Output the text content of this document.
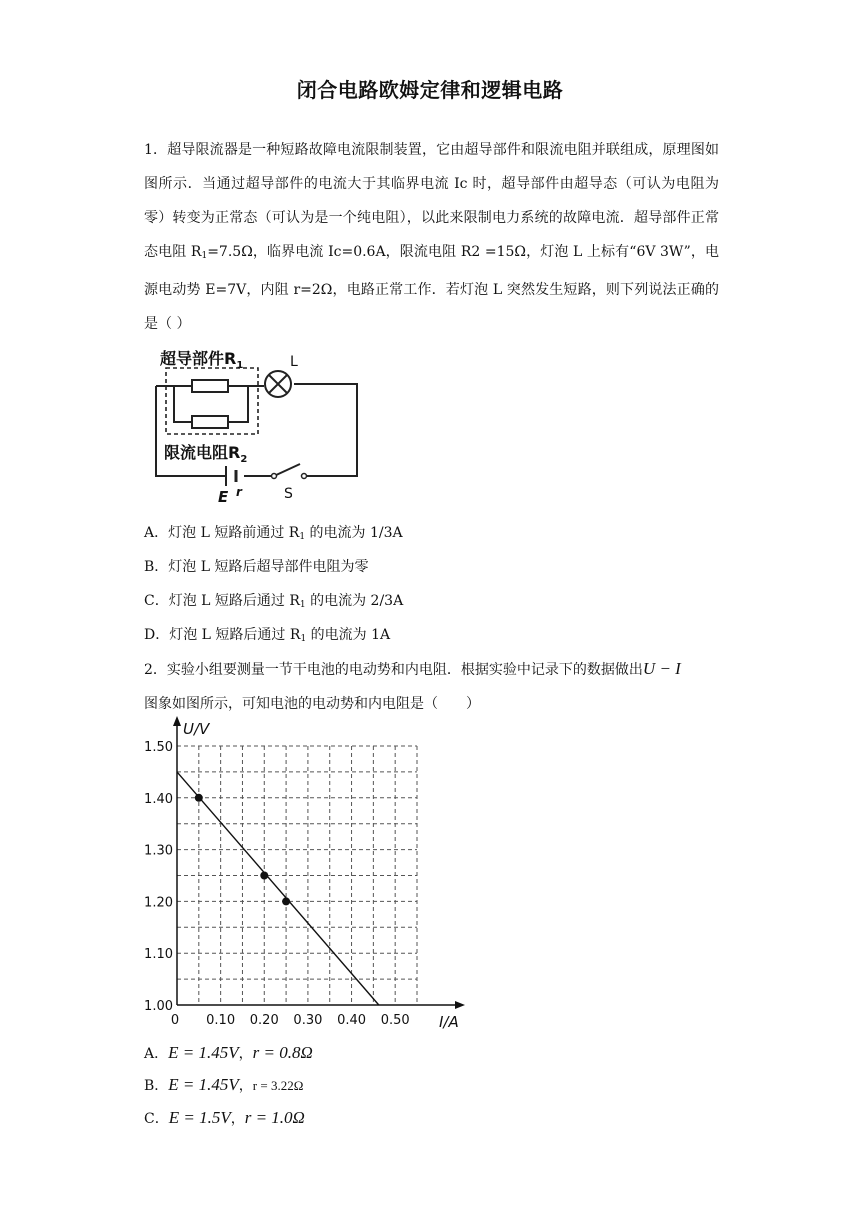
闭合电路欧姆定律和逻辑电路
1．超导限流器是一种短路故障电流限制装置，它由超导部件和限流电阻并联组成，原理图如图所示．当通过超导部件的电流大于其临界电流 Ic 时，超导部件由超导态（可认为电阻为零）转变为正常态（可认为是一个纯电阻），以此来限制电力系统的故障电流．超导部件正常态电阻 $R_1=7.5\Omega$，临界电流 Ic=0.6A，限流电阻 R2 =15Ω，灯泡 L 上标有“6V 3W”，电源电动势 E=7V，内阻 r=2Ω，电路正常工作．若灯泡 L 突然发生短路，则下列说法正确的是（ ）
超导部件$R_1$
限流电阻$R_2$
L
E r	S
A．灯泡 L 短路前通过 $R_1$ 的电流为 1/3A
B．灯泡 L 短路后超导部件电阻为零
C．灯泡 L 短路后通过 $R_1$ 的电流为 2/3A
D．灯泡 L 短路后通过 $R_1$ 的电流为 1A
2．实验小组要测量一节干电池的电动势和内电阻．根据实验中记录下的数据做出U − I
图象如图所示，可知电池的电动势和内电阻是（　　）
0 0.10 0.20 0.30 0.40 0.50
1.00
1.10
1.20
1.30
1.40
1.50
I/A
U/V
A．E = 1.45V，r = 0.8Ω
B．E = 1.45V，r = 3.22Ω
C．E = 1.5V，r = 1.0Ω
